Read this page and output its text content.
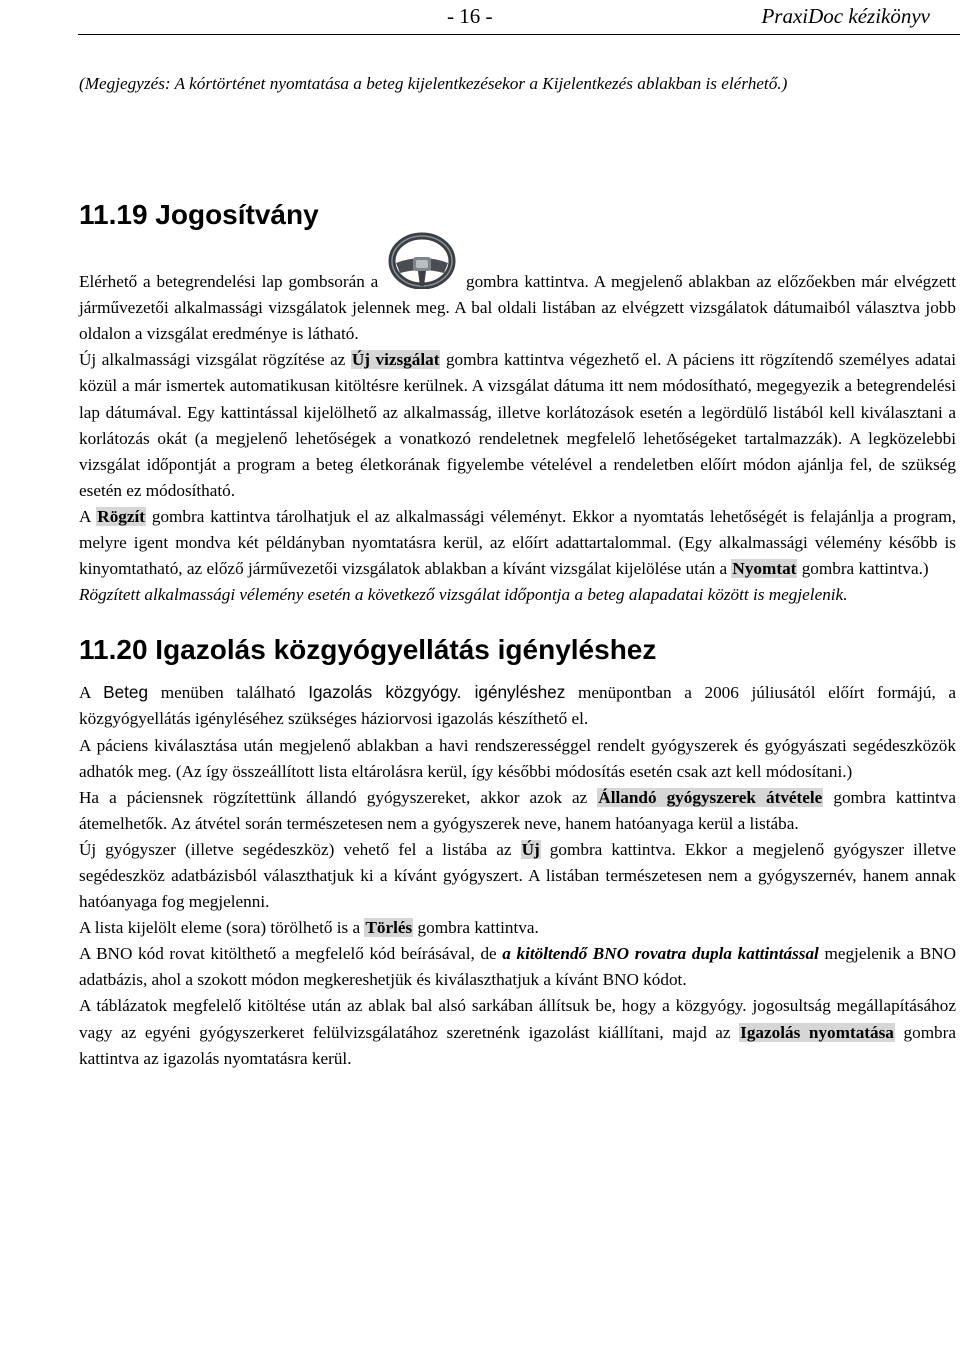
- 16 -	PraxiDoc kézikönyv

(Megjegyzés: A kórtörténet nyomtatása a beteg kijelentkezésekor a Kijelentkezés ablakban is elérhető.)

11.19 Jogosítvány

Elérhető a betegrendelési lap gombsorán a	gombra kattintva. A megjelenő ablakban az előzőekben már elvégzett járművezetői alkalmassági vizsgálatok jelennek meg. A bal oldali listában az elvégzett vizsgálatok dátumaiból választva jobb oldalon a vizsgálat eredménye is látható.

Új alkalmassági vizsgálat rögzítése az Új vizsgálat gombra kattintva végezhető el. A páciens itt rögzítendő személyes adatai közül a már ismertek automatikusan kitöltésre kerülnek. A vizsgálat dátuma itt nem módosítható, megegyezik a betegrendelési lap dátumával. Egy kattintással kijelölhető az alkalmasság, illetve korlátozások esetén a legördülő listából kell kiválasztani a korlátozás okát (a megjelenő lehetőségek a vonatkozó rendeletnek megfelelő lehetőségeket tartalmazzák). A legközelebbi vizsgálat időpontját a program a beteg életkorának figyelembe vételével a rendeletben előírt módon ajánlja fel, de szükség esetén ez módosítható.

A Rögzít gombra kattintva tárolhatjuk el az alkalmassági véleményt. Ekkor a nyomtatás lehetőségét is felajánlja a program, melyre igent mondva két példányban nyomtatásra kerül, az előírt adattartalommal. (Egy alkalmassági vélemény később is kinyomtatható, az előző járművezetői vizsgálatok ablakban a kívánt vizsgálat kijelölése után a Nyomtat gombra kattintva.)

Rögzített alkalmassági vélemény esetén a következő vizsgálat időpontja a beteg alapadatai között is megjelenik.

11.20 Igazolás közgyógyellátás igényléshez

A Beteg menüben található Igazolás közgyógy. igényléshez menüpontban a 2006 júliusától előírt formájú, a közgyógyellátás igényléséhez szükséges háziorvosi igazolás készíthető el.

A páciens kiválasztása után megjelenő ablakban a havi rendszerességgel rendelt gyógyszerek és gyógyászati segédeszközök adhatók meg. (Az így összeállított lista eltárolásra kerül, így későbbi módosítás esetén csak azt kell módosítani.)

Ha a páciensnek rögzítettünk állandó gyógyszereket, akkor azok az Állandó gyógyszerek átvétele gombra kattintva átemelhetők. Az átvétel során természetesen nem a gyógyszerek neve, hanem hatóanyaga kerül a listába.

Új gyógyszer (illetve segédeszköz) vehető fel a listába az Új gombra kattintva. Ekkor a megjelenő gyógyszer illetve segédeszköz adatbázisból választhatjuk ki a kívánt gyógyszert. A listában természetesen nem a gyógyszernév, hanem annak hatóanyaga fog megjelenni.

A lista kijelölt eleme (sora) törölhető is a Törlés gombra kattintva.

A BNO kód rovat kitölthető a megfelelő kód beírásával, de a kitöltendő BNO rovatra dupla kattintással megjelenik a BNO adatbázis, ahol a szokott módon megkereshetjük és kiválaszthatjuk a kívánt BNO kódot.

A táblázatok megfelelő kitöltése után az ablak bal alsó sarkában állítsuk be, hogy a közgyógy. jogosultság megállapításához vagy az egyéni gyógyszerkeret felülvizsgálatához szeretnénk igazolást kiállítani, majd az Igazolás nyomtatása gombra kattintva az igazolás nyomtatásra kerül.
